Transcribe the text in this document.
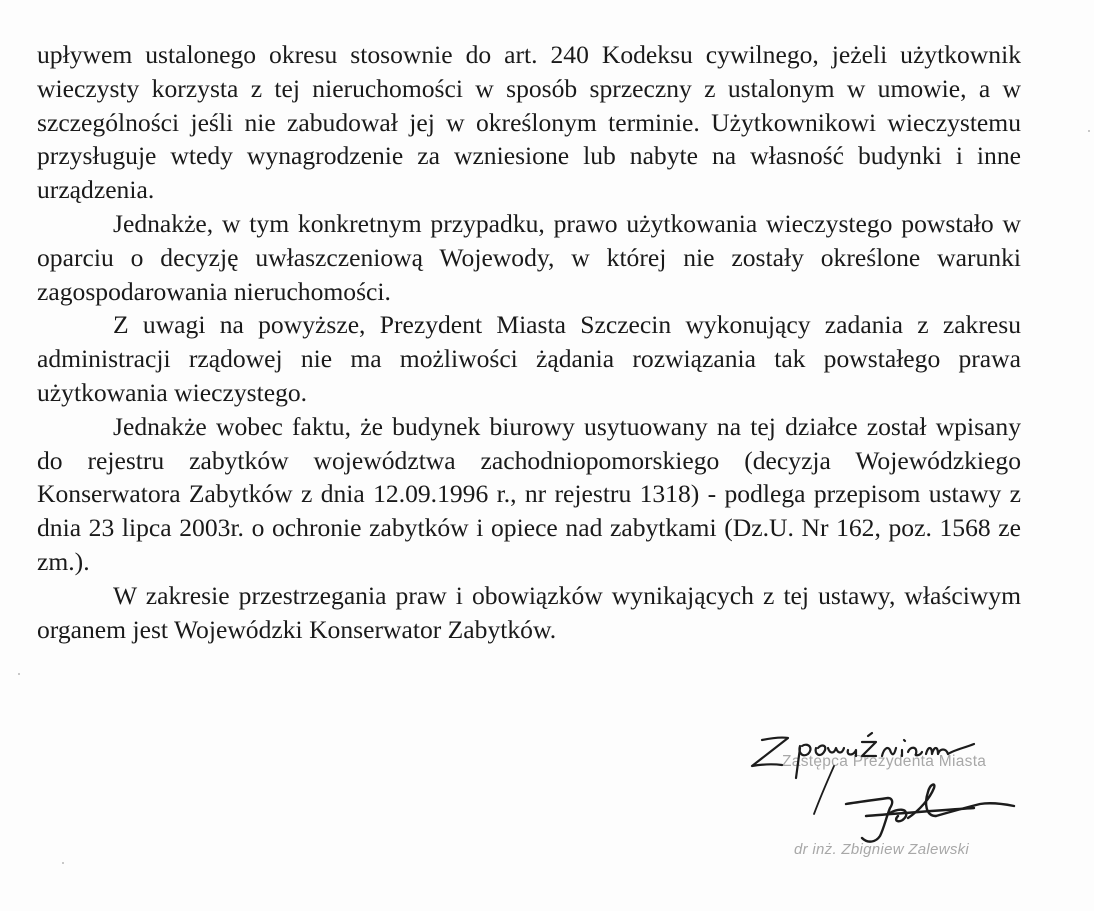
upływem ustalonego okresu stosownie do art. 240 Kodeksu cywilnego, jeżeli użytkownik wieczysty korzysta z tej nieruchomości w sposób sprzeczny z ustalonym w umowie, a w szczególności jeśli nie zabudował jej w określonym terminie. Użytkownikowi wieczystemu przysługuje wtedy wynagrodzenie za wzniesione lub nabyte na własność budynki i inne urządzenia.

Jednakże, w tym konkretnym przypadku, prawo użytkowania wieczystego powstało w oparciu o decyzję uwłaszczeniową Wojewody, w której nie zostały określone warunki zagospodarowania nieruchomości.

Z uwagi na powyższe, Prezydent Miasta Szczecin wykonujący zadania z zakresu administracji rządowej nie ma możliwości żądania rozwiązania tak powstałego prawa użytkowania wieczystego.

Jednakże wobec faktu, że budynek biurowy usytuowany na tej działce został wpisany do rejestru zabytków województwa zachodniopomorskiego (decyzja Wojewódzkiego Konserwatora Zabytków z dnia 12.09.1996 r., nr rejestru 1318) - podlega przepisom ustawy z dnia 23 lipca 2003r. o ochronie zabytków i opiece nad zabytkami (Dz.U. Nr 162, poz. 1568 ze zm.).

W zakresie przestrzegania praw i obowiązków wynikających z tej ustawy, właściwym organem jest Wojewódzki Konserwator Zabytków.

Zastępca Prezydenta Miasta
dr inż. Zbigniew Zalewski
